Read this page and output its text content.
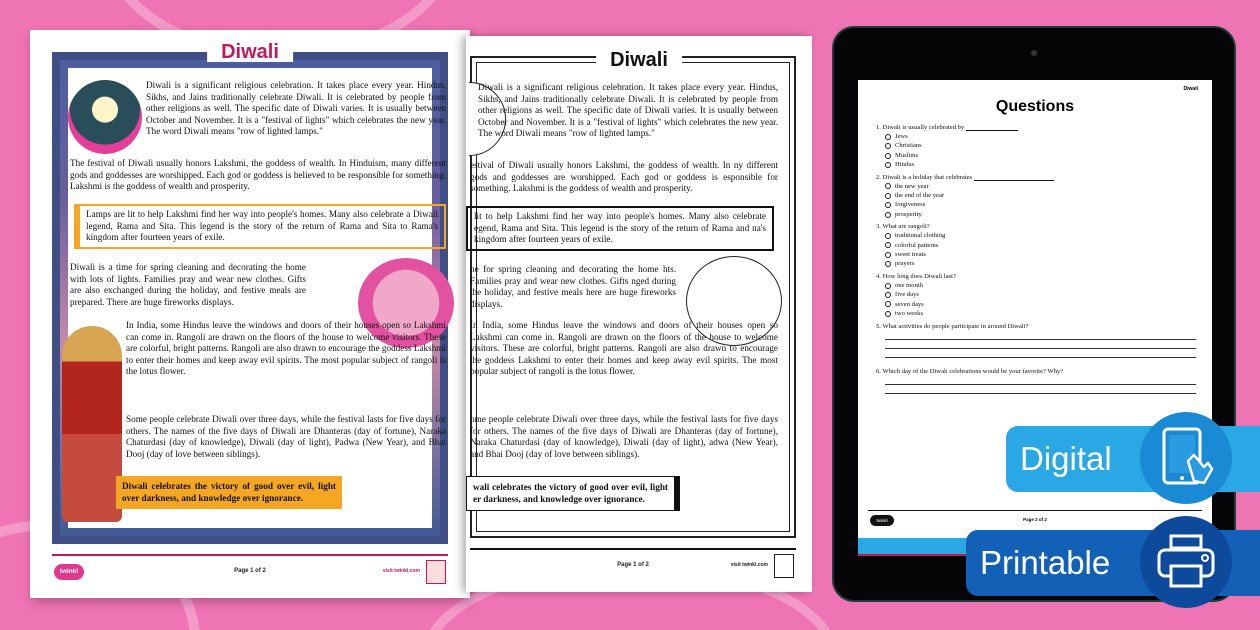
Diwali
Diwali is a significant religious celebration. It takes place every year. Hindus, Sikhs, and Jains traditionally celebrate Diwali. It is celebrated by people from other religions as well. The specific date of Diwali varies. It is usually between October and November. It is a "festival of lights" which celebrates the new year. The word Diwali means "row of lighted lamps."
The festival of Diwali usually honors Lakshmi, the goddess of wealth. In Hinduism, many different gods and goddesses are worshipped. Each god or goddess is believed to be responsible for something. Lakshmi is the goddess of wealth and prosperity.
Lamps are lit to help Lakshmi find her way into people's homes. Many also celebrate a Diwali legend, Rama and Sita. This legend is the story of the return of Rama and Sita to Rama's kingdom after fourteen years of exile.
Diwali is a time for spring cleaning and decorating the home with lots of lights. Families pray and wear new clothes. Gifts are also exchanged during the holiday, and festive meals are prepared. There are huge fireworks displays.
In India, some Hindus leave the windows and doors of their houses open so Lakshmi can come in. Rangoli are drawn on the floors of the house to welcome visitors. These are colorful, bright patterns. Rangoli are also drawn to encourage the goddess Lakshmi to enter their homes and keep away evil spirits. The most popular subject of rangoli is the lotus flower.
Some people celebrate Diwali over three days, while the festival lasts for five days for others. The names of the five days of Diwali are Dhanteras (day of fortune), Naraka Chaturdasi (day of knowledge), Diwali (day of light), Padwa (New Year), and Bhai Dooj (day of love between siblings).
Diwali celebrates the victory of good over evil, light over darkness, and knowledge over ignorance.
twinkl	Page 1 of 2	visit twinkl.com
Diwali
Diwali is a significant religious celebration. It takes place every year. Hindus, Sikhs, and Jains traditionally celebrate Diwali. It is celebrated by people from other religions as well. The specific date of Diwali varies. It is usually between October and November. It is a "festival of lights" which celebrates the new year. The word Diwali means "row of lighted lamps."
estival of Diwali usually honors Lakshmi, the goddess of wealth. In ny different gods and goddesses are worshipped. Each god or goddess is esponsible for something. Lakshmi is the goddess of wealth and prosperity.
lit to help Lakshmi find her way into people's homes. Many also celebrate egend, Rama and Sita. This legend is the story of the return of Rama and na's kingdom after fourteen years of exile.
ne for spring cleaning and decorating the home hts. Families pray and wear new clothes. Gifts nged during the holiday, and festive meals here are huge fireworks displays.
In India, some Hindus leave the windows and doors of their houses open so Lakshmi can come in. Rangoli are drawn on the floors of the house to welcome visitors. These are colorful, bright patterns. Rangoli are also drawn to encourage the goddess Lakshmi to enter their homes and keep away evil spirits. The most popular subject of rangoli is the lotus flower.
ome people celebrate Diwali over three days, while the festival lasts for five days for others. The names of the five days of Diwali are Dhanteras (day of fortune), Naraka Chaturdasi (day of knowledge), Diwali (day of light), adwa (New Year), and Bhai Dooj (day of love between siblings).
wali celebrates the victory of good over evil, light er darkness, and knowledge over ignorance.
Page 1 of 2	visit twinkl.com
Diwali
Questions
1. Diwali is usually celebrated by
Jews
Christians
Muslims
Hindus
2. Diwali is a holiday that celebrates
the new year
the end of the year
forgiveness
prosperity
3. What are rangoli?
traditional clothing
colorful patterns
sweet treats
prayers
4. How long does Diwali last?
one month
five days
seven days
two weeks
5. What activities do people participate in around Diwali?
6. Which day of the Diwali celebrations would be your favorite? Why?
twinkl	Page 2 of 2
Digital
Printable
